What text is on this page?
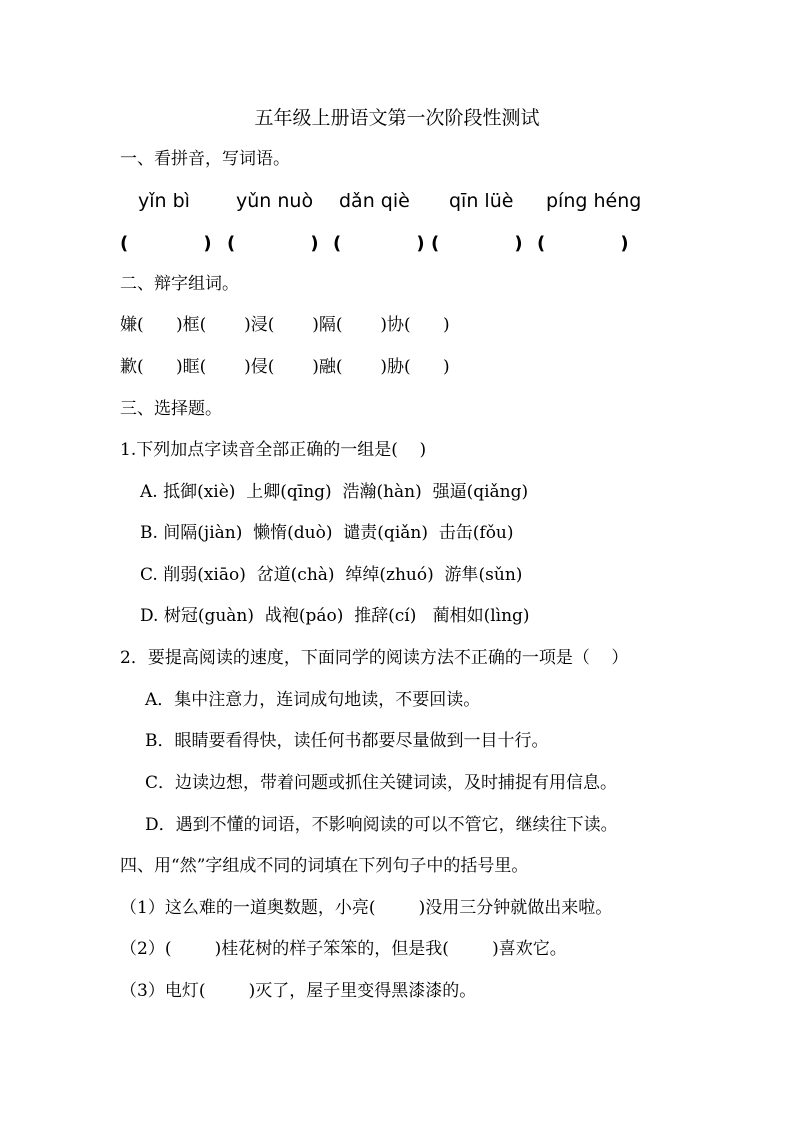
五年级上册语文第一次阶段性测试
一、看拼音，写词语。
yǐn bì yǔn nuò dǎn qiè qīn lüè píng héng
(            ) (            ) (            ) (            ) (            )
二、辩字组词。
嫌(      )框(       )浸(       )隔(       )协(      )
歉(      )眶(       )侵(       )融(       )胁(      )
三、选择题。
1.下列加点字读音全部正确的一组是(    )
A. 抵御(xiè)  上卿(qīng)  浩瀚(hàn)  强逼(qiǎng)
B. 间隔(jiàn)  懒惰(duò)  谴责(qiǎn)  击缶(fǒu)
C. 削弱(xiāo)  岔道(chà)  绰绰(zhuó)  游隼(sǔn)
D. 树冠(guàn)  战袍(páo)  推辞(cí)   蔺相如(lìng)
2．要提高阅读的速度，下面同学的阅读方法不正确的一项是（    ）
A．集中注意力，连词成句地读，不要回读。
B．眼睛要看得快，读任何书都要尽量做到一目十行。
C．边读边想，带着问题或抓住关键词读，及时捕捉有用信息。
D．遇到不懂的词语，不影响阅读的可以不管它，继续往下读。
四、用“然”字组成不同的词填在下列句子中的括号里。
（1）这么难的一道奥数题，小亮(        )没用三分钟就做出来啦。
（2）(        )桂花树的样子笨笨的，但是我(        )喜欢它。
（3）电灯(        )灭了，屋子里变得黑漆漆的。
